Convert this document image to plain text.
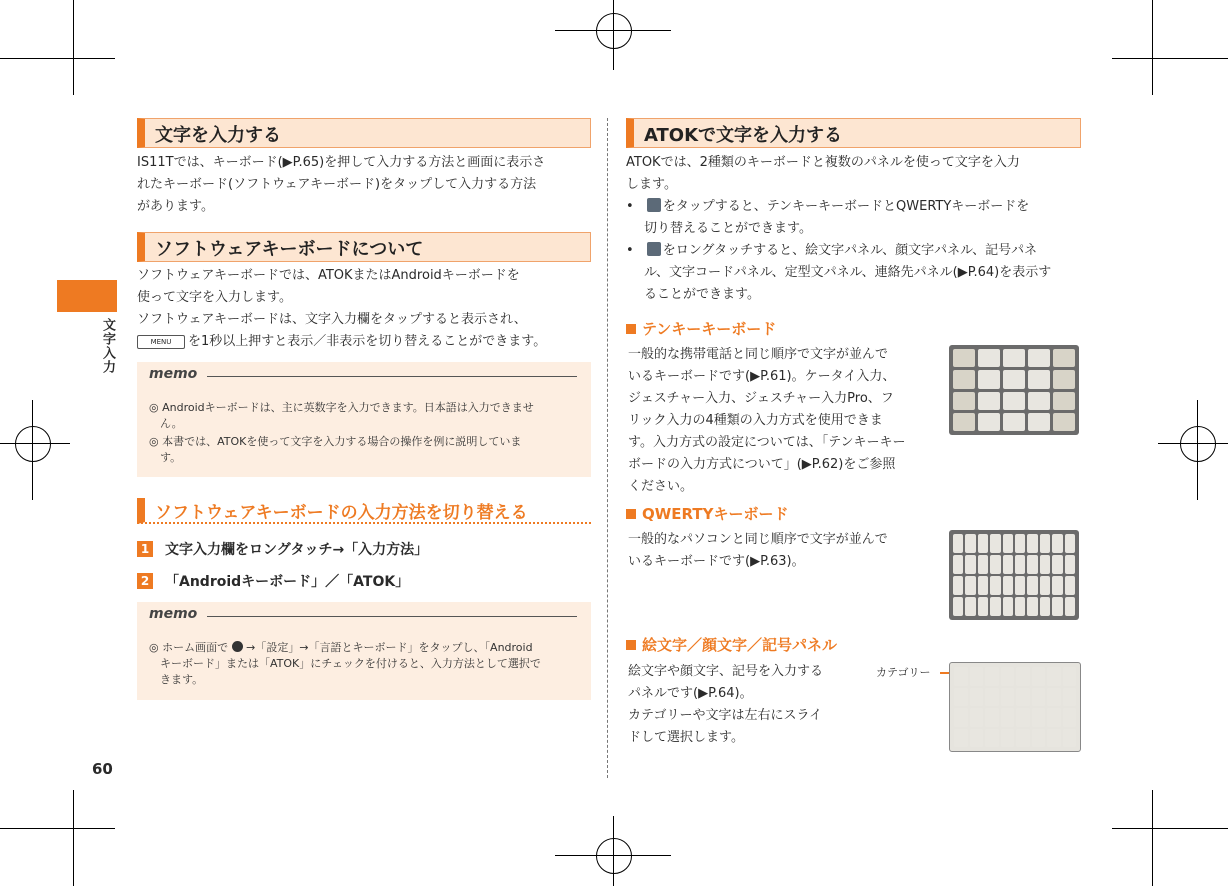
文字入力
60
文字を入力する

IS11Tでは、キーボード(▶P.65)を押して入力する方法と画面に表示さ

れたキーボード(ソフトウェアキーボード)をタップして入力する方法

があります。

ソフトウェアキーボードについて

ソフトウェアキーボードでは、ATOKまたはAndroidキーボードを

使って文字を入力します。

ソフトウェアキーボードは、文字入力欄をタップすると表示され、

MENU を1秒以上押すと表示／非表示を切り替えることができます。

memo
◎ Androidキーボードは、主に英数字を入力できます。日本語は入力できませ
　ん。
◎ 本書では、ATOKを使って文字を入力する場合の操作を例に説明していま
　す。
ソフトウェアキーボードの入力方法を切り替える
1 文字入力欄をロングタッチ→「入力方法」
2 「Androidキーボード」／「ATOK」
memo
◎ ホーム画面で →「設定」→「言語とキーボード」をタップし、「Android
　キーボード」または「ATOK」にチェックを付けると、入力方法として選択で
　きます。
ATOKで文字を入力する

ATOKでは、2種類のキーボードと複数のパネルを使って文字を入力

します。

•　 をタップすると、テンキーキーボードとQWERTYキーボードを

切り替えることができます。

•　 をロングタッチすると、絵文字パネル、顔文字パネル、記号パネ

ル、文字コードパネル、定型文パネル、連絡先パネル(▶P.64)を表示す

ることができます。

テンキーキーボード

一般的な携帯電話と同じ順序で文字が並んで

いるキーボードです(▶P.61)。ケータイ入力、

ジェスチャー入力、ジェスチャー入力Pro、フ

リック入力の4種類の入力方式を使用できま

す。入力方式の設定については、「テンキーキー

ボードの入力方式について」(▶P.62)をご参照

ください。

QWERTYキーボード

一般的なパソコンと同じ順序で文字が並んで

いるキーボードです(▶P.63)。

絵文字／顔文字／記号パネル

絵文字や顔文字、記号を入力する

パネルです(▶P.64)。

カテゴリーや文字は左右にスライ

ドして選択します。

カテゴリー
